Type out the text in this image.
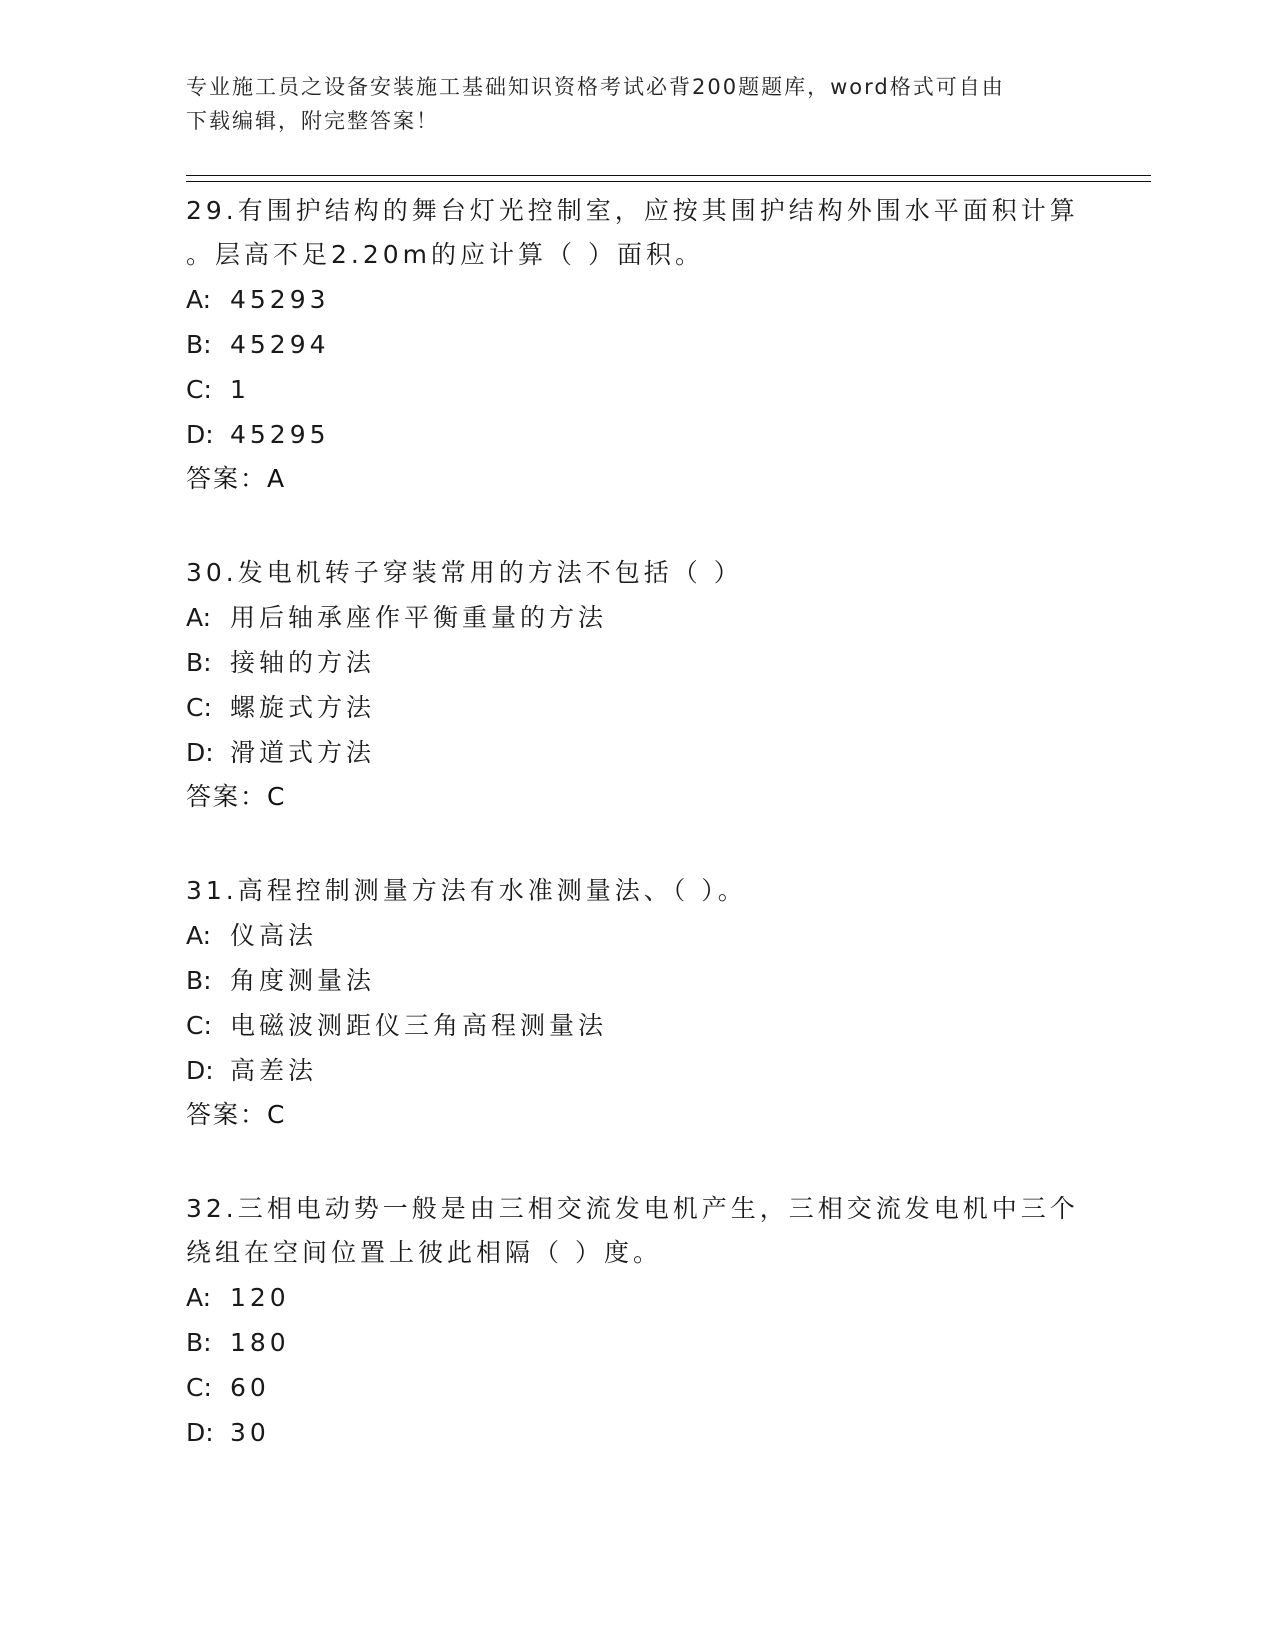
专业施工员之设备安装施工基础知识资格考试必背200题题库，word格式可自由
下载编辑，附完整答案！
29.有围护结构的舞台灯光控制室，应按其围护结构外围水平面积计算
。层高不足2.20m的应计算（ ）面积。
A: 45293
B: 45294
C: 1
D: 45295
答案：A
30.发电机转子穿装常用的方法不包括（ ）
A: 用后轴承座作平衡重量的方法
B: 接轴的方法
C: 螺旋式方法
D: 滑道式方法
答案：C
31.高程控制测量方法有水准测量法、（ ）。
A: 仪高法
B: 角度测量法
C: 电磁波测距仪三角高程测量法
D: 高差法
答案：C
32.三相电动势一般是由三相交流发电机产生，三相交流发电机中三个
绕组在空间位置上彼此相隔（ ）度。
A: 120
B: 180
C: 60
D: 30
